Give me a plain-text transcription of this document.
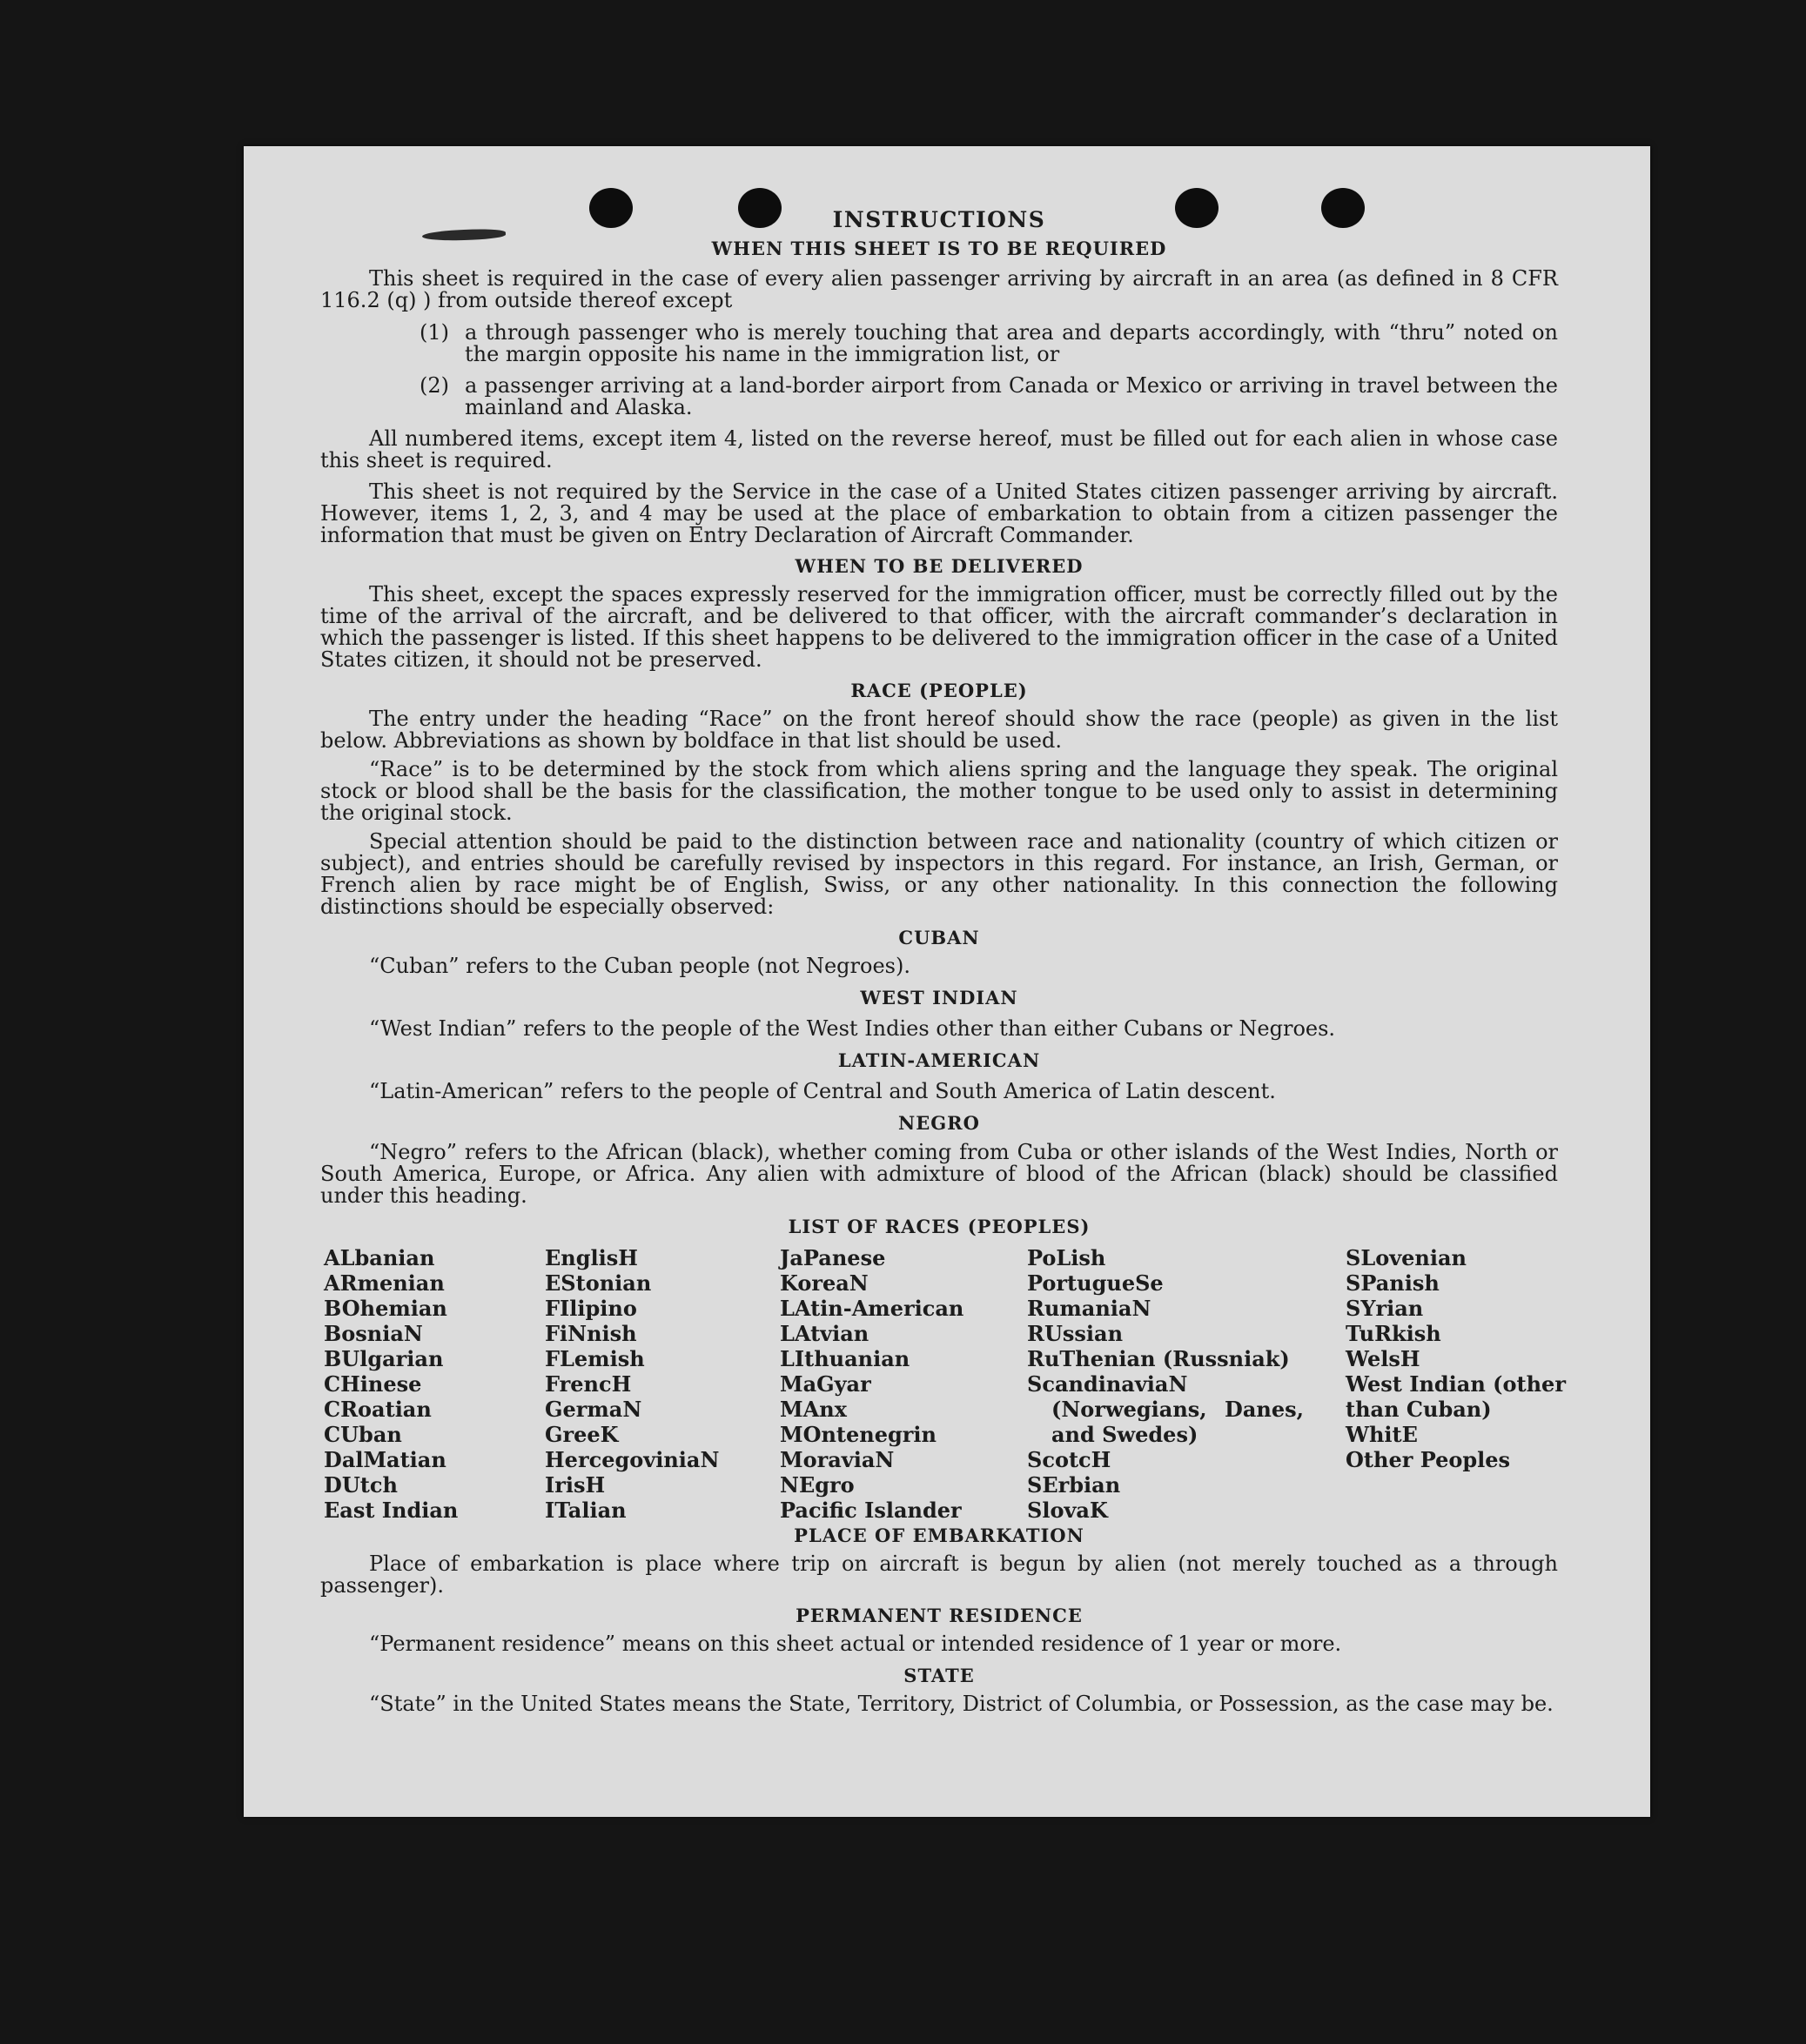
INSTRUCTIONS
WHEN THIS SHEET IS TO BE REQUIRED

This sheet is required in the case of every alien passenger arriving by aircraft in an area (as defined in 8 CFR 116.2 (q) ) from outside thereof except

(1) a through passenger who is merely touching that area and departs accordingly, with “thru” noted on the margin opposite his name in the immigration list, or
(2) a passenger arriving at a land-border airport from Canada or Mexico or arriving in travel between the mainland and Alaska.

All numbered items, except item 4, listed on the reverse hereof, must be filled out for each alien in whose case this sheet is required.

This sheet is not required by the Service in the case of a United States citizen passenger arriving by aircraft. However, items 1, 2, 3, and 4 may be used at the place of embarkation to obtain from a citizen passenger the information that must be given on Entry Declaration of Aircraft Commander.

WHEN TO BE DELIVERED

This sheet, except the spaces expressly reserved for the immigration officer, must be correctly filled out by the time of the arrival of the aircraft, and be delivered to that officer, with the aircraft commander’s declaration in which the passenger is listed. If this sheet happens to be delivered to the immigration officer in the case of a United States citizen, it should not be preserved.

RACE (PEOPLE)

The entry under the heading “Race” on the front hereof should show the race (people) as given in the list below. Abbreviations as shown by boldface in that list should be used.

“Race” is to be determined by the stock from which aliens spring and the language they speak. The original stock or blood shall be the basis for the classification, the mother tongue to be used only to assist in determining the original stock.

Special attention should be paid to the distinction between race and nationality (country of which citizen or subject), and entries should be carefully revised by inspectors in this regard. For instance, an Irish, German, or French alien by race might be of English, Swiss, or any other nationality. In this connection the following distinctions should be especially observed:

CUBAN

“Cuban” refers to the Cuban people (not Negroes).

WEST INDIAN

“West Indian” refers to the people of the West Indies other than either Cubans or Negroes.

LATIN-AMERICAN

“Latin-American” refers to the people of Central and South America of Latin descent.

NEGRO

“Negro” refers to the African (black), whether coming from Cuba or other islands of the West Indies, North or South America, Europe, or Africa. Any alien with admixture of blood of the African (black) should be classified under this heading.

LIST OF RACES (PEOPLES)
ALbanian
ARmenian
BOhemian
BosniaN
BUlgarian
CHinese
CRoatian
CUban
DalMatian
DUtch
East Indian
EnglisH
EStonian
FIlipino
FiNnish
FLemish
FrencH
GermaN
GreeK
HercegoviniaN
IrisH
ITalian
JaPanese
KoreaN
LAtin-American
LAtvian
LIthuanian
MaGyar
MAnx
MOntenegrin
MoraviaN
NEgro
Pacific Islander
PoLish
PortugueSe
RumaniaN
RUssian
RuThenian (Russniak)
ScandinaviaN (Norwegians, Danes, and Swedes)
ScotcH
SErbian
SlovaK
SLovenian
SPanish
SYrian
TuRkish
WelsH
West Indian (other than Cuban)
WhitE
Other Peoples
PLACE OF EMBARKATION

Place of embarkation is place where trip on aircraft is begun by alien (not merely touched as a through passenger).

PERMANENT RESIDENCE

“Permanent residence” means on this sheet actual or intended residence of 1 year or more.

STATE

“State” in the United States means the State, Territory, District of Columbia, or Possession, as the case may be.
